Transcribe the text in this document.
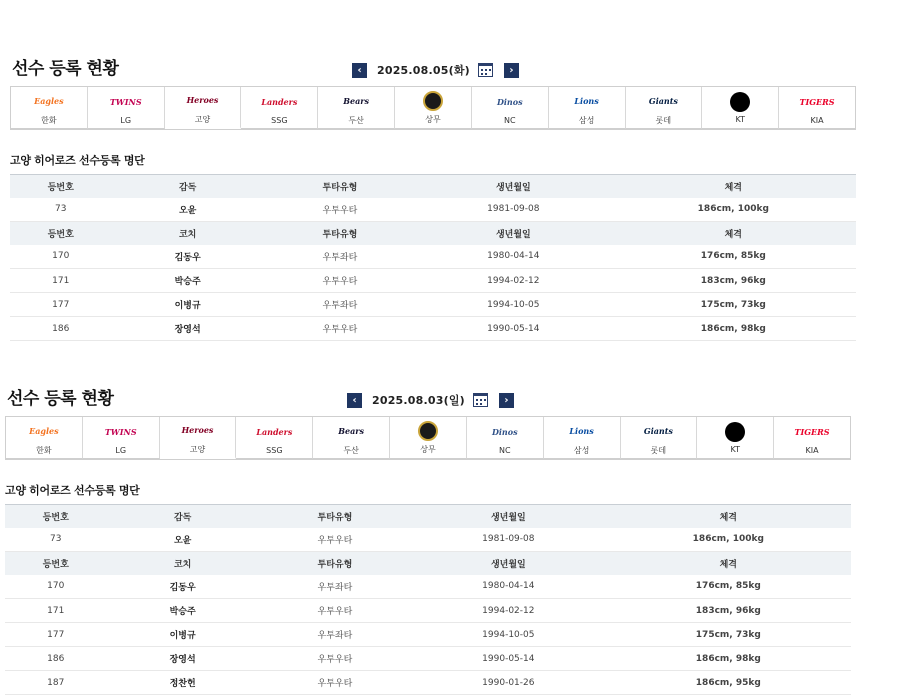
선수 등록 현황	‹	2025.08.05(화)	›
Eagles
한화
TWINS
LG
Heroes
고양
Landers
SSG
Bears
두산	상무
Dinos
NC
Lions
삼성
Giants
롯데	KT
TIGERS
KIA
고양 히어로즈 선수등록 명단
등번호	감독	투타유형	생년월일	체격
73	오윤	우투우타	1981-09-08	186cm, 100kg
등번호	코치	투타유형	생년월일	체격
170	김동우	우투좌타	1980-04-14	176cm, 85kg
171	박승주	우투우타	1994-02-12	183cm, 96kg
177	이병규	우투좌타	1994-10-05	175cm, 73kg
186	장영석	우투우타	1990-05-14	186cm, 98kg
선수 등록 현황	‹	2025.08.03(일)	›
Eagles
한화
TWINS
LG
Heroes
고양
Landers
SSG
Bears
두산	상무
Dinos
NC
Lions
삼성
Giants
롯데	KT
TIGERS
KIA
고양 히어로즈 선수등록 명단
등번호	감독	투타유형	생년월일	체격
73	오윤	우투우타	1981-09-08	186cm, 100kg
등번호	코치	투타유형	생년월일	체격
170	김동우	우투좌타	1980-04-14	176cm, 85kg
171	박승주	우투우타	1994-02-12	183cm, 96kg
177	이병규	우투좌타	1994-10-05	175cm, 73kg
186	장영석	우투우타	1990-05-14	186cm, 98kg
187	정찬헌	우투우타	1990-01-26	186cm, 95kg
